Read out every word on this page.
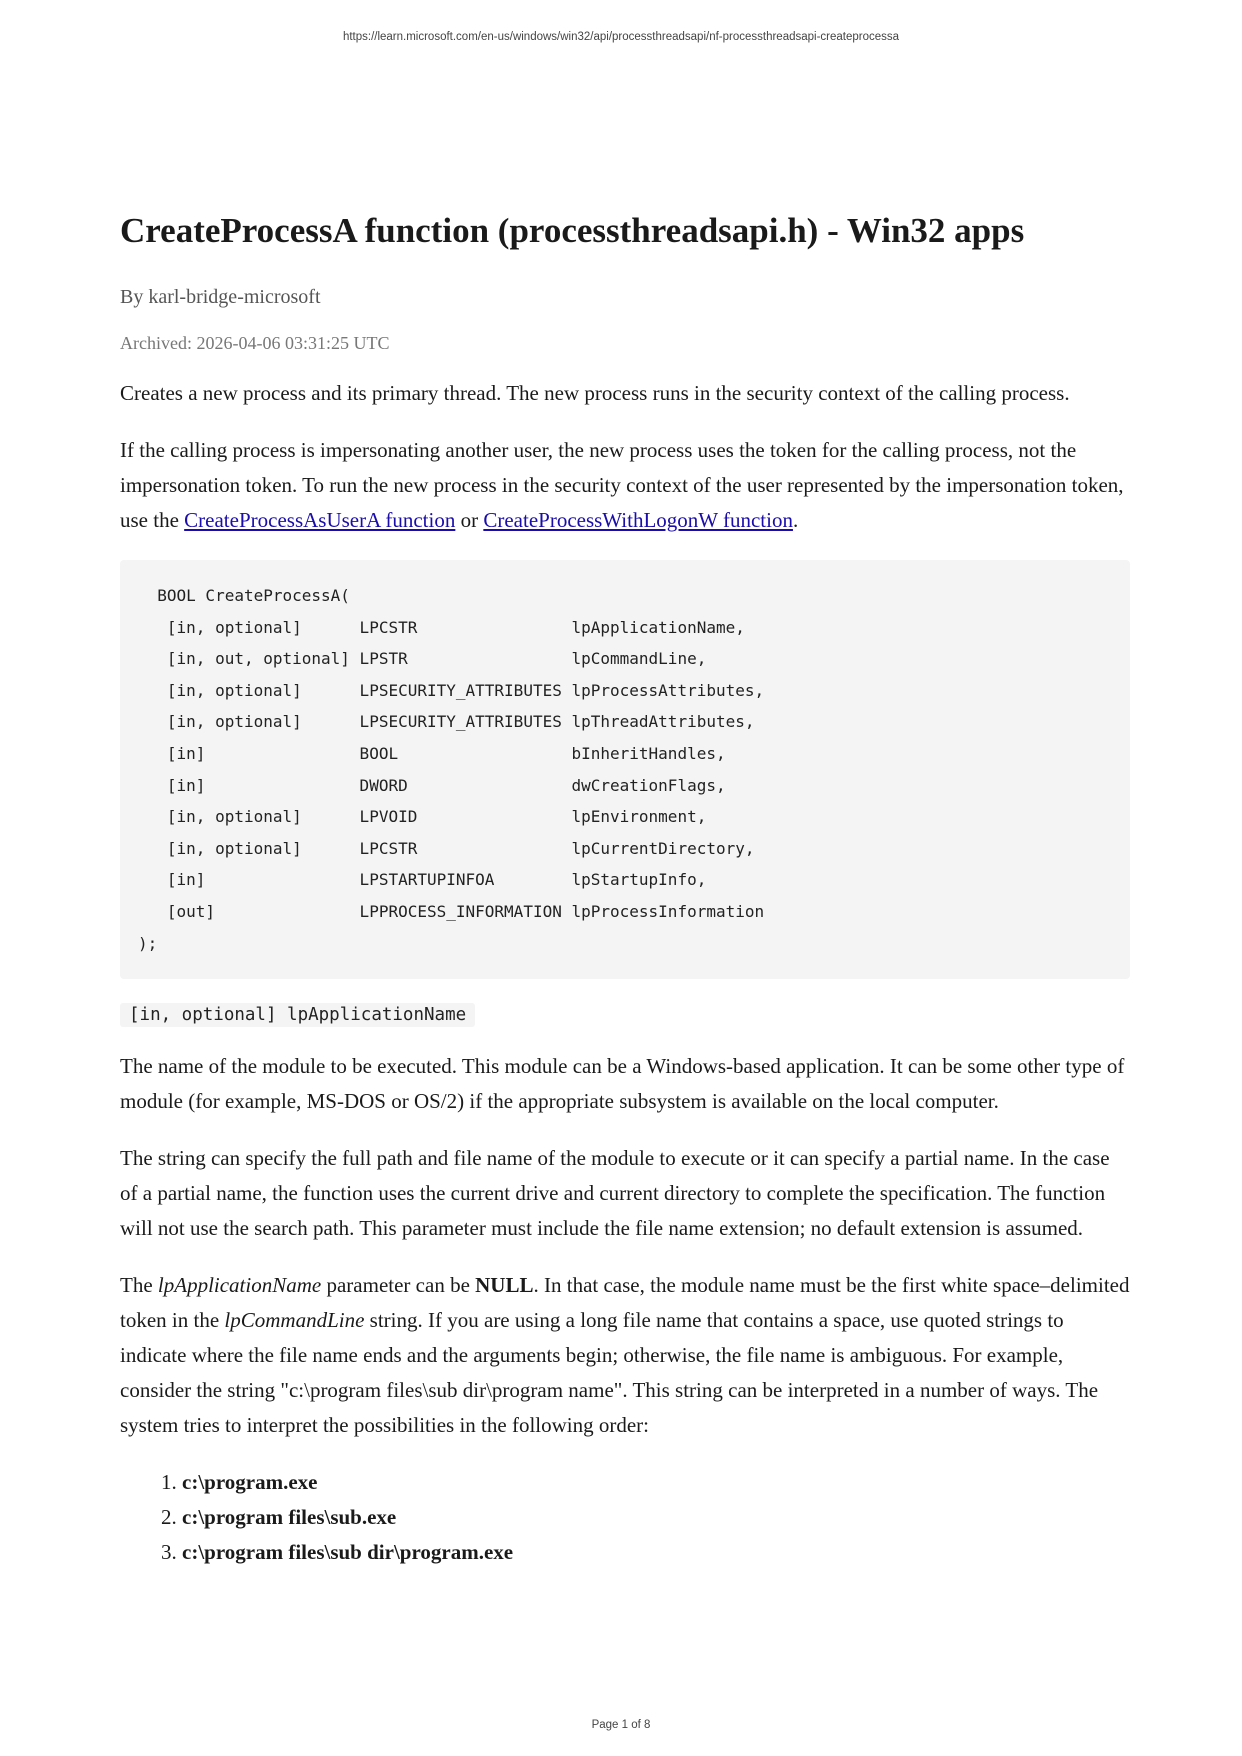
https://learn.microsoft.com/en-us/windows/win32/api/processthreadsapi/nf-processthreadsapi-createprocessa
CreateProcessA function (processthreadsapi.h) - Win32 apps
By karl-bridge-microsoft
Archived: 2026-04-06 03:31:25 UTC

Creates a new process and its primary thread. The new process runs in the security context of the calling process.

If the calling process is impersonating another user, the new process uses the token for the calling process, not the impersonation token. To run the new process in the security context of the user represented by the impersonation token, use the CreateProcessAsUserA function or CreateProcessWithLogonW function.

BOOL CreateProcessA(
[in, optional]      LPCSTR                lpApplicationName,
[in, out, optional] LPSTR                 lpCommandLine,
[in, optional]      LPSECURITY_ATTRIBUTES lpProcessAttributes,
[in, optional]      LPSECURITY_ATTRIBUTES lpThreadAttributes,
[in]                BOOL                  bInheritHandles,
[in]                DWORD                 dwCreationFlags,
[in, optional]      LPVOID                lpEnvironment,
[in, optional]      LPCSTR                lpCurrentDirectory,
[in]                LPSTARTUPINFOA        lpStartupInfo,
[out]               LPPROCESS_INFORMATION lpProcessInformation
);
[in, optional] lpApplicationName

The name of the module to be executed. This module can be a Windows-based application. It can be some other type of module (for example, MS-DOS or OS/2) if the appropriate subsystem is available on the local computer.

The string can specify the full path and file name of the module to execute or it can specify a partial name. In the case of a partial name, the function uses the current drive and current directory to complete the specification. The function will not use the search path. This parameter must include the file name extension; no default extension is assumed.

The lpApplicationName parameter can be NULL. In that case, the module name must be the first white space–delimited token in the lpCommandLine string. If you are using a long file name that contains a space, use quoted strings to indicate where the file name ends and the arguments begin; otherwise, the file name is ambiguous. For example, consider the string "c:\program files\sub dir\program name". This string can be interpreted in a number of ways. The system tries to interpret the possibilities in the following order:

1. c:\program.exe
2. c:\program files\sub.exe
3. c:\program files\sub dir\program.exe
Page 1 of 8
